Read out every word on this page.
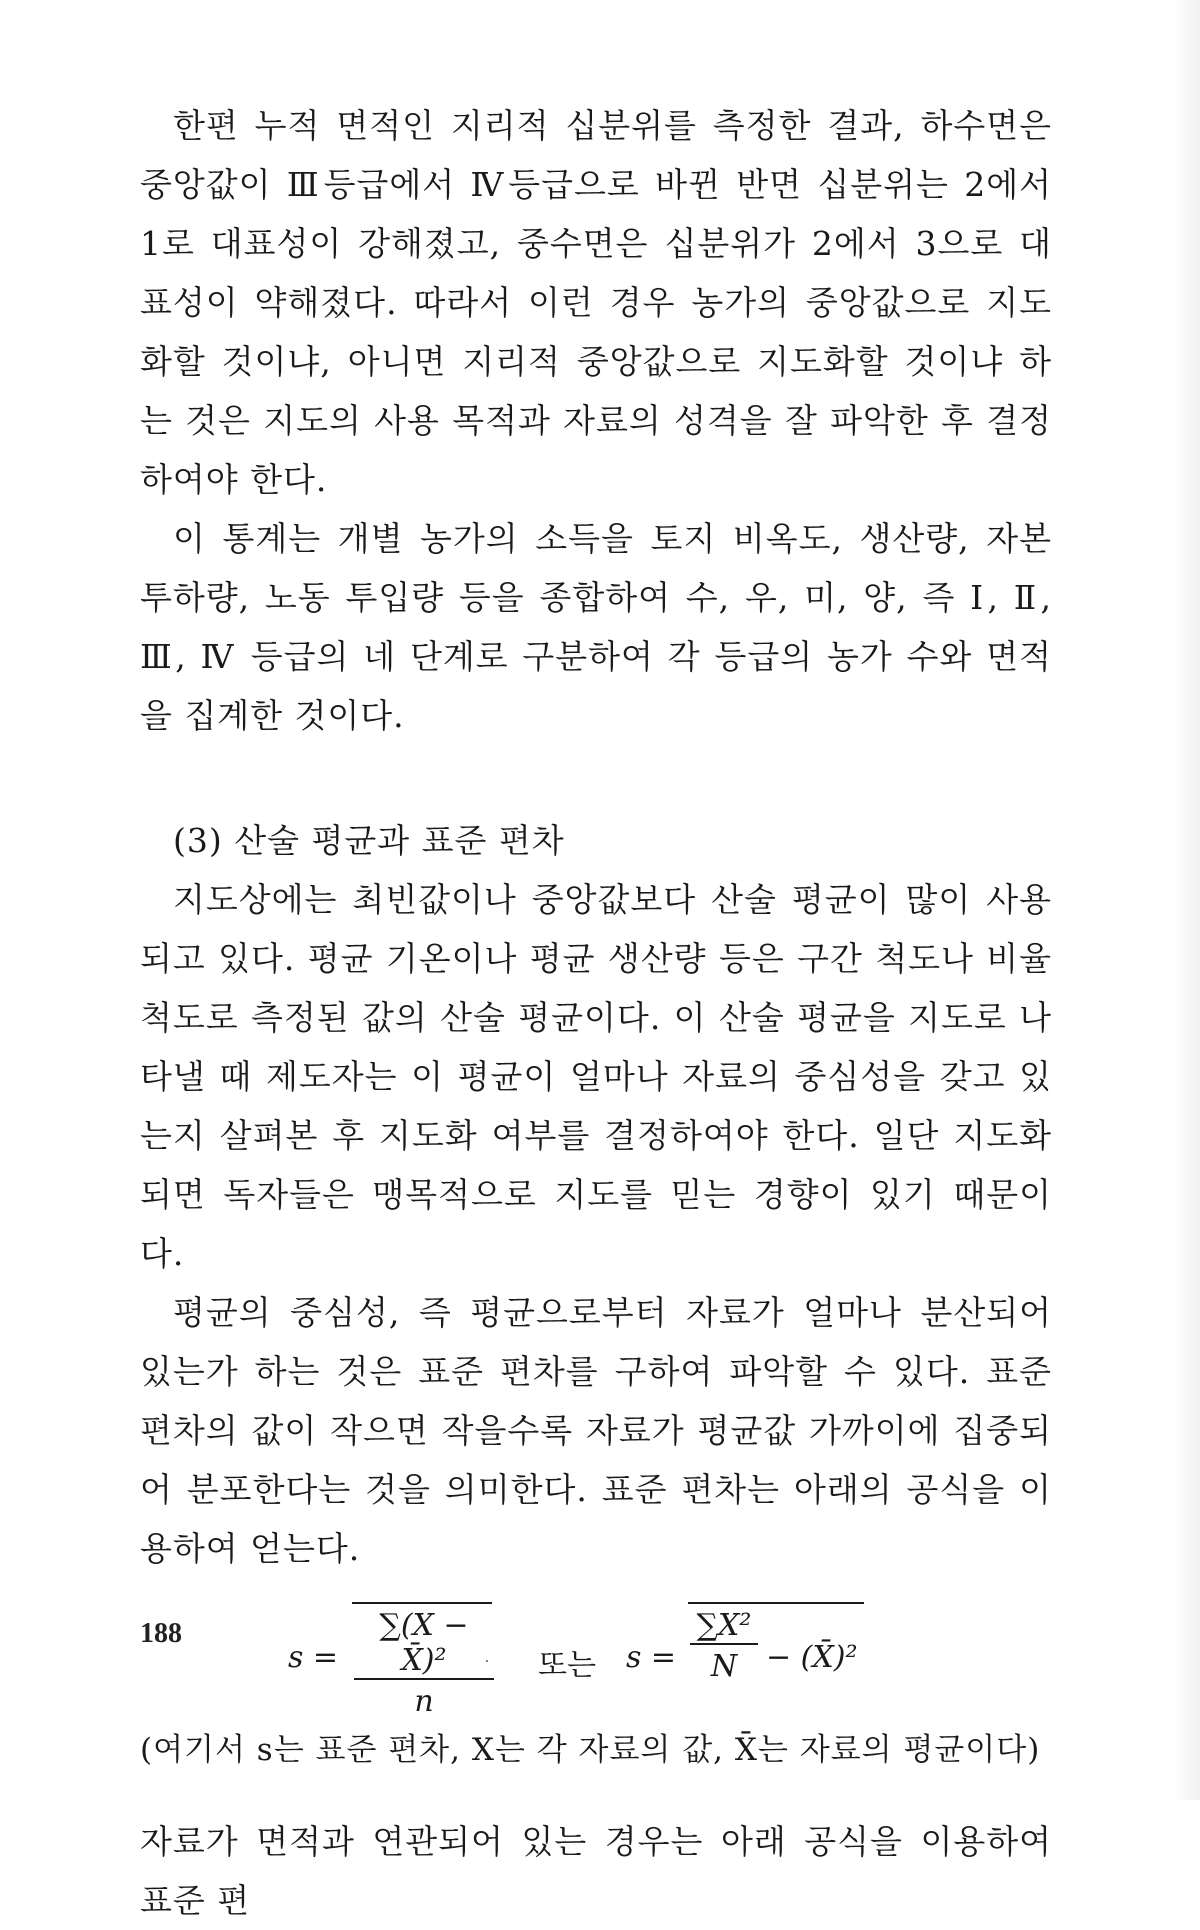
한편 누적 면적인 지리적 십분위를 측정한 결과, 하수면은 중앙값이 Ⅲ등급에서 Ⅳ등급으로 바뀐 반면 십분위는 2에서 1로 대표성이 강해졌고, 중수면은 십분위가 2에서 3으로 대표성이 약해졌다. 따라서 이런 경우 농가의 중앙값으로 지도화할 것이냐, 아니면 지리적 중앙값으로 지도화할 것이냐 하는 것은 지도의 사용 목적과 자료의 성격을 잘 파악한 후 결정하여야 한다.

이 통계는 개별 농가의 소득을 토지 비옥도, 생산량, 자본 투하량, 노동 투입량 등을 종합하여 수, 우, 미, 양, 즉 Ⅰ, Ⅱ, Ⅲ, Ⅳ 등급의 네 단계로 구분하여 각 등급의 농가 수와 면적을 집계한 것이다.

(3) 산술 평균과 표준 편차

지도상에는 최빈값이나 중앙값보다 산술 평균이 많이 사용되고 있다. 평균 기온이나 평균 생산량 등은 구간 척도나 비율 척도로 측정된 값의 산술 평균이다. 이 산술 평균을 지도로 나타낼 때 제도자는 이 평균이 얼마나 자료의 중심성을 갖고 있는지 살펴본 후 지도화 여부를 결정하여야 한다. 일단 지도화되면 독자들은 맹목적으로 지도를 믿는 경향이 있기 때문이다.

평균의 중심성, 즉 평균으로부터 자료가 얼마나 분산되어 있는가 하는 것은 표준 편차를 구하여 파악할 수 있다. 표준 편차의 값이 작으면 작을수록 자료가 평균값 가까이에 집중되어 분포한다는 것을 의미한다. 표준 편차는 아래의 공식을 이용하여 얻는다.

$s = \frac{\text{∑(X − X̄)²}}{n}$ 또는 $s = \frac{\text{∑X²}}{N}$ − (X̄)²

(여기서 s는 표준 편차, X는 각 자료의 값, X̄는 자료의 평균이다)

자료가 면적과 연관되어 있는 경우는 아래 공식을 이용하여 표준 편

188
